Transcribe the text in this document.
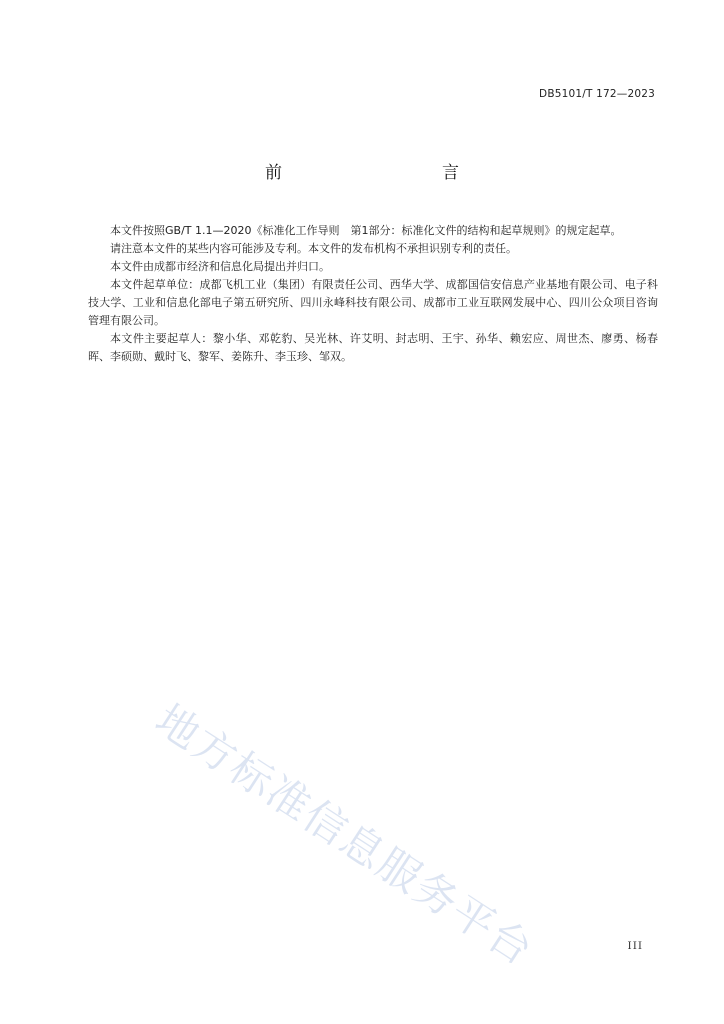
DB5101/T 172—2023
前　　言

本文件按照GB/T 1.1—2020《标准化工作导则　第1部分：标准化文件的结构和起草规则》的规定起草。

请注意本文件的某些内容可能涉及专利。本文件的发布机构不承担识别专利的责任。

本文件由成都市经济和信息化局提出并归口。

本文件起草单位：成都飞机工业（集团）有限责任公司、西华大学、成都国信安信息产业基地有限公司、电子科技大学、工业和信息化部电子第五研究所、四川永峰科技有限公司、成都市工业互联网发展中心、四川公众项目咨询管理有限公司。

本文件主要起草人：黎小华、邓乾豹、吴光林、许艾明、封志明、王宇、孙华、赖宏应、周世杰、廖勇、杨春晖、李硕勋、戴时飞、黎军、姜陈升、李玉珍、邹双。

地方标准信息服务平台	III
